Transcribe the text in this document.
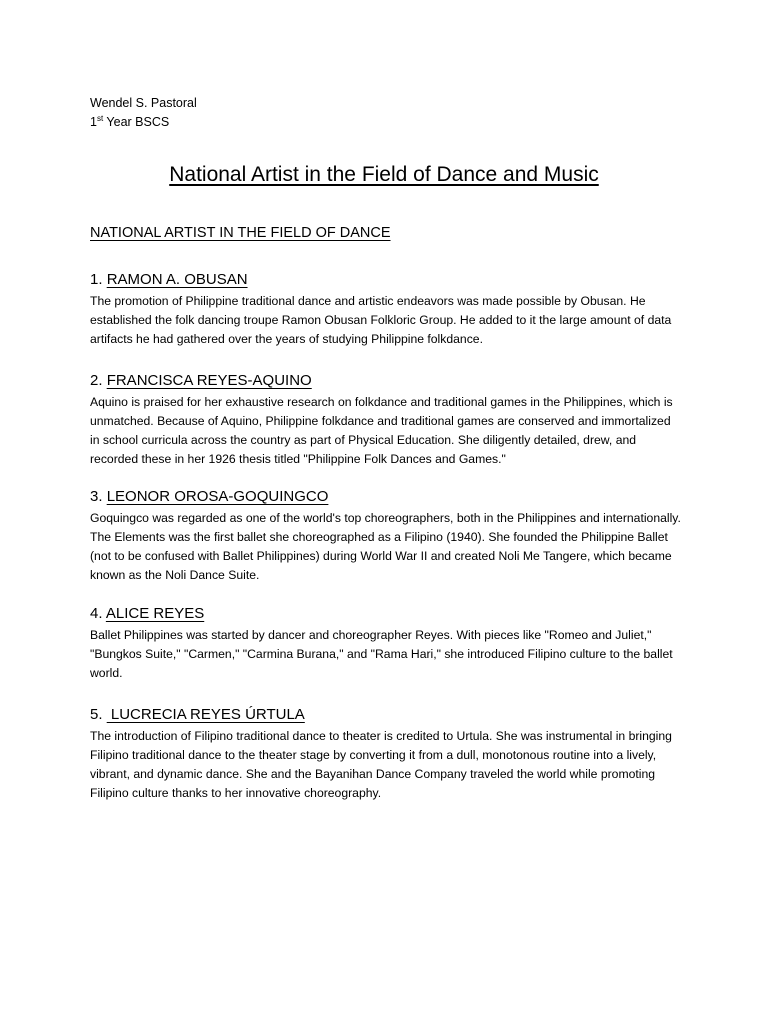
Wendel S. Pastoral
1st Year BSCS
National Artist in the Field of Dance and Music
NATIONAL ARTIST IN THE FIELD OF DANCE
1. RAMON A. OBUSAN

The promotion of Philippine traditional dance and artistic endeavors was made possible by Obusan. He established the folk dancing troupe Ramon Obusan Folkloric Group. He added to it the large amount of data artifacts he had gathered over the years of studying Philippine folkdance.

2. FRANCISCA REYES-AQUINO

Aquino is praised for her exhaustive research on folkdance and traditional games in the Philippines, which is unmatched. Because of Aquino, Philippine folkdance and traditional games are conserved and immortalized in school curricula across the country as part of Physical Education. She diligently detailed, drew, and recorded these in her 1926 thesis titled "Philippine Folk Dances and Games."

3. LEONOR OROSA-GOQUINGCO

Goquingco was regarded as one of the world's top choreographers, both in the Philippines and internationally. The Elements was the first ballet she choreographed as a Filipino (1940). She founded the Philippine Ballet (not to be confused with Ballet Philippines) during World War II and created Noli Me Tangere, which became known as the Noli Dance Suite.

4. ALICE REYES

Ballet Philippines was started by dancer and choreographer Reyes. With pieces like "Romeo and Juliet," "Bungkos Suite," "Carmen," "Carmina Burana," and "Rama Hari," she introduced Filipino culture to the ballet world.

5.  LUCRECIA REYES ÚRTULA

The introduction of Filipino traditional dance to theater is credited to Urtula. She was instrumental in bringing Filipino traditional dance to the theater stage by converting it from a dull, monotonous routine into a lively, vibrant, and dynamic dance. She and the Bayanihan Dance Company traveled the world while promoting Filipino culture thanks to her innovative choreography.
